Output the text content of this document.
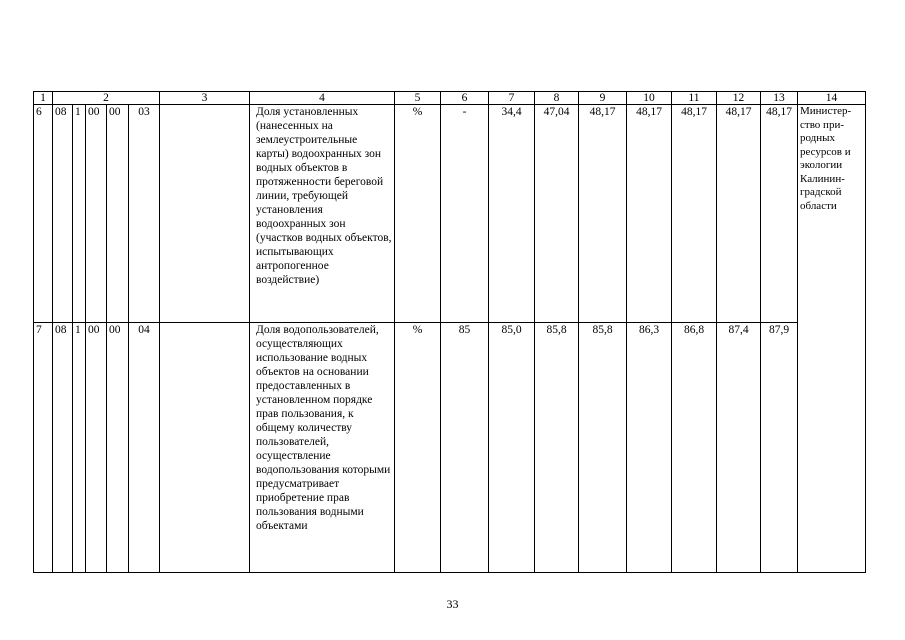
1	2					3	4	5	6	7	8	9	10	11	12	13	14
6	08	1	00	00	03		Доля установленных (нанесенных на землеустроительные карты) водоохранных зон водных объектов в протяженности береговой линии, требующей установления водоохранных зон (участков водных объектов, испытывающих антропогенное воздействие)	%	-	34,4	47,04	48,17	48,17	48,17	48,17	48,17	Министер-ство при-родных ресурсов и экологии Калинин-градской области
7	08	1	00	00	04		Доля водопользователей, осуществляющих использование водных объектов на основании предоставленных в установленном порядке прав пользования, к общему количеству пользователей, осуществление водопользования которыми предусматривает приобретение прав пользования водными объектами	%	85	85,0	85,8	85,8	86,3	86,8	87,4	87,9	
33
